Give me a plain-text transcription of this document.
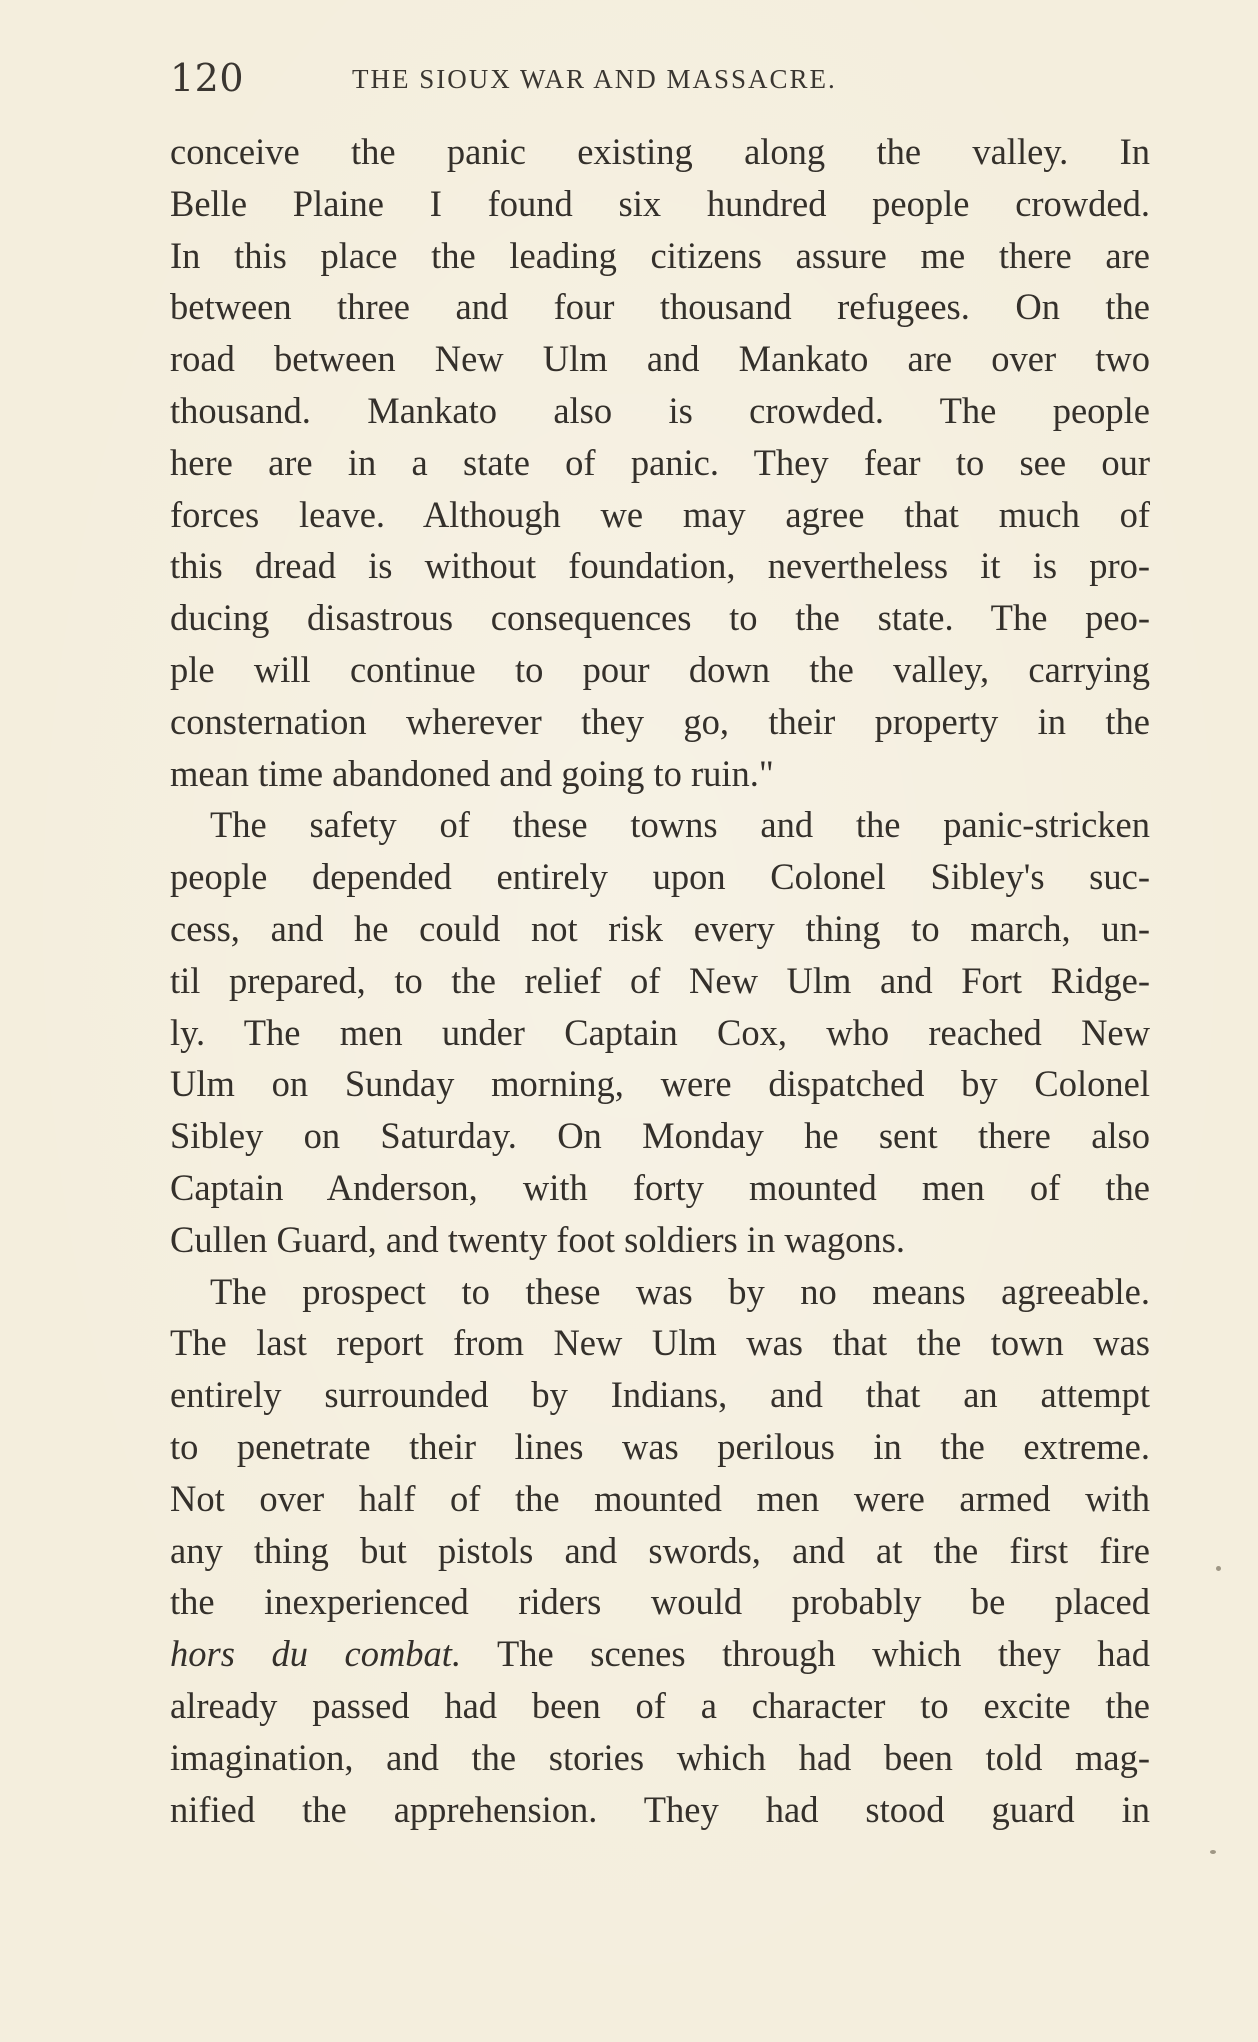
120	THE SIOUX WAR AND MASSACRE.
conceive the panic existing along the valley. In
Belle Plaine I found six hundred people crowded.
In this place the leading citizens assure me there are
between three and four thousand refugees. On the
road between New Ulm and Mankato are over two
thousand. Mankato also is crowded. The people
here are in a state of panic. They fear to see our
forces leave. Although we may agree that much of
this dread is without foundation, nevertheless it is pro-
ducing disastrous consequences to the state. The peo-
ple will continue to pour down the valley, carrying
consternation wherever they go, their property in the
mean time abandoned and going to ruin."
The safety of these towns and the panic-stricken
people depended entirely upon Colonel Sibley's suc-
cess, and he could not risk every thing to march, un-
til prepared, to the relief of New Ulm and Fort Ridge-
ly. The men under Captain Cox, who reached New
Ulm on Sunday morning, were dispatched by Colonel
Sibley on Saturday. On Monday he sent there also
Captain Anderson, with forty mounted men of the
Cullen Guard, and twenty foot soldiers in wagons.
The prospect to these was by no means agreeable.
The last report from New Ulm was that the town was
entirely surrounded by Indians, and that an attempt
to penetrate their lines was perilous in the extreme.
Not over half of the mounted men were armed with
any thing but pistols and swords, and at the first fire
the inexperienced riders would probably be placed
hors du combat. The scenes through which they had
already passed had been of a character to excite the
imagination, and the stories which had been told mag-
nified the apprehension. They had stood guard in
